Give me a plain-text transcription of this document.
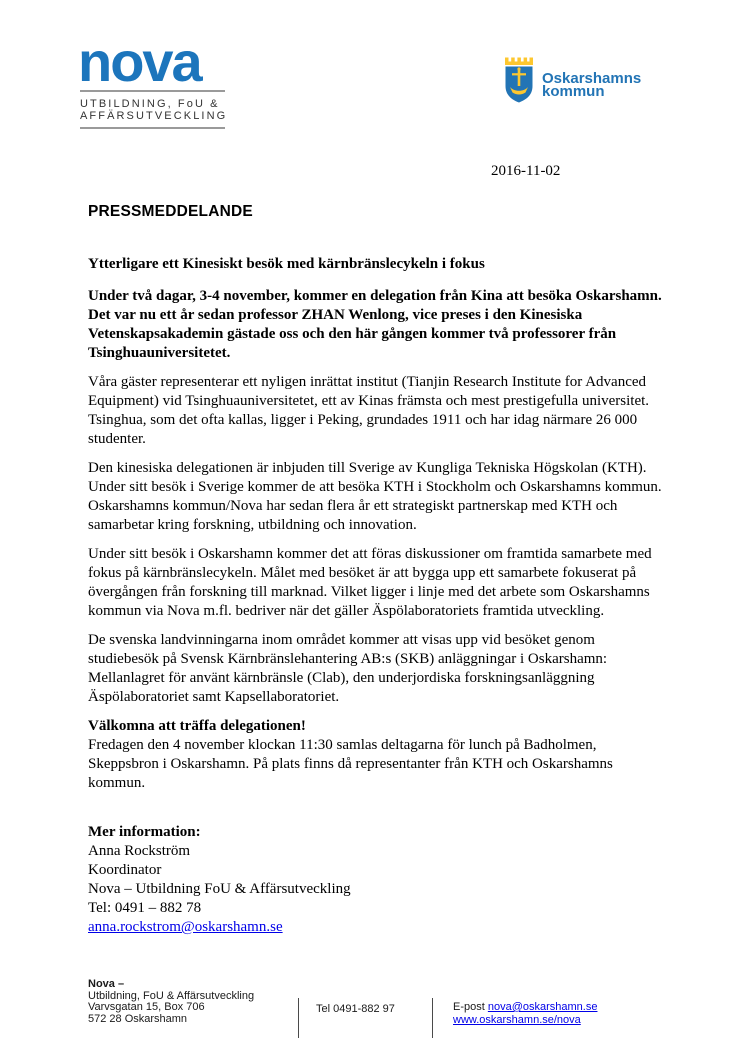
nova
UTBILDNING, FoU &
AFFÄRSUTVECKLING
Oskarshamns
kommun
2016-11-02
PRESSMEDDELANDE
Ytterligare ett Kinesiskt besök med kärnbränslecykeln i fokus

Under två dagar, 3-4 november, kommer en delegation från Kina att besöka Oskarshamn. Det var nu ett år sedan professor ZHAN Wenlong, vice preses i den Kinesiska Vetenskapsakademin gästade oss och den här gången kommer två professorer från Tsinghuauniversitetet.

Våra gäster representerar ett nyligen inrättat institut (Tianjin Research Institute for Advanced Equipment) vid Tsinghuauniversitetet, ett av Kinas främsta och mest prestigefulla universitet. Tsinghua, som det ofta kallas, ligger i Peking, grundades 1911 och har idag närmare 26 000 studenter.

Den kinesiska delegationen är inbjuden till Sverige av Kungliga Tekniska Högskolan (KTH). Under sitt besök i Sverige kommer de att besöka KTH i Stockholm och Oskarshamns kommun. Oskarshamns kommun/Nova har sedan flera år ett strategiskt partnerskap med KTH och samarbetar kring forskning, utbildning och innovation.

Under sitt besök i Oskarshamn kommer det att föras diskussioner om framtida samarbete med fokus på kärnbränslecykeln. Målet med besöket är att bygga upp ett samarbete fokuserat på övergången från forskning till marknad. Vilket ligger i linje med det arbete som Oskarshamns kommun via Nova m.fl. bedriver när det gäller Äspölaboratoriets framtida utveckling.

De svenska landvinningarna inom området kommer att visas upp vid besöket genom studiebesök på Svensk Kärnbränslehantering AB:s (SKB) anläggningar i Oskarshamn: Mellanlagret för använt kärnbränsle (Clab), den underjordiska forskningsanläggning Äspölaboratoriet samt Kapsellaboratoriet.

Välkomna att träffa delegationen!

Fredagen den 4 november klockan 11:30 samlas deltagarna för lunch på Badholmen, Skeppsbron i Oskarshamn. På plats finns då representanter från KTH och Oskarshamns kommun.

Mer information:
Anna Rockström
Koordinator
Nova – Utbildning FoU & Affärsutveckling
Tel: 0491 – 882 78
anna.rockstrom@oskarshamn.se
Nova –
Utbildning, FoU & Affärsutveckling
Varvsgatan 15, Box 706
572 28 Oskarshamn
Tel 0491-882 97	E-post nova@oskarshamn.se
www.oskarshamn.se/nova
